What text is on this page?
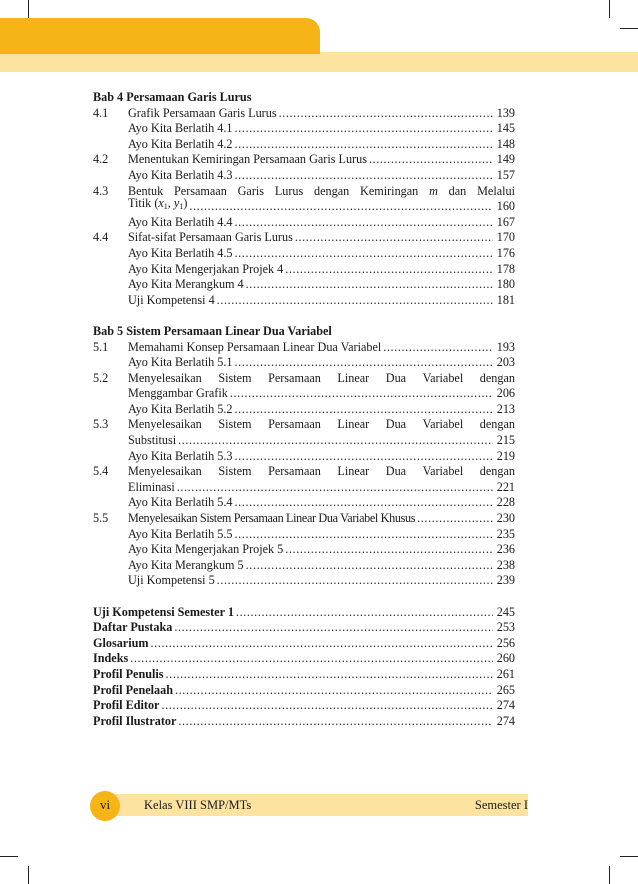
Bab 4 Persamaan Garis Lurus
4.1	Grafik Persamaan Garis Lurus .....	139
Ayo Kita Berlatih 4.1 .....	145
Ayo Kita Berlatih 4.2 .....	148
4.2	Menentukan Kemiringan Persamaan Garis Lurus .....	149
Ayo Kita Berlatih 4.3 .....	157
4.3	Bentuk Persamaan Garis Lurus dengan Kemiringan m dan Melalui
Titik ($x_1$, $y_1$) .....	160
Ayo Kita Berlatih 4.4 .....	167
4.4	Sifat-sifat Persamaan Garis Lurus .....	170
Ayo Kita Berlatih 4.5 .....	176
Ayo Kita Mengerjakan Projek 4 .....	178
Ayo Kita Merangkum 4 .....	180
Uji Kompetensi 4 .....	181
Bab 5 Sistem Persamaan Linear Dua Variabel
5.1	Memahami Konsep Persamaan Linear Dua Variabel .....	193
Ayo Kita Berlatih 5.1 .....	203
5.2	Menyelesaikan Sistem Persamaan Linear Dua Variabel dengan
Menggambar Grafik .....	206
Ayo Kita Berlatih 5.2 .....	213
5.3	Menyelesaikan Sistem Persamaan Linear Dua Variabel dengan
Substitusi .....	215
Ayo Kita Berlatih 5.3 .....	219
5.4	Menyelesaikan Sistem Persamaan Linear Dua Variabel dengan
Eliminasi .....	221
Ayo Kita Berlatih 5.4 .....	228
5.5	Menyelesaikan Sistem Persamaan Linear Dua Variabel Khusus .....	230
Ayo Kita Berlatih 5.5 .....	235
Ayo Kita Mengerjakan Projek 5 .....	236
Ayo Kita Merangkum 5 .....	238
Uji Kompetensi 5 .....	239
Uji Kompetensi Semester 1 .....	245
Daftar Pustaka .....	253
Glosarium .....	256
Indeks .....	260
Profil Penulis .....	261
Profil Penelaah .....	265
Profil Editor .....	274
Profil Ilustrator .....	274
vi	Kelas VIII SMP/MTs	Semester I
